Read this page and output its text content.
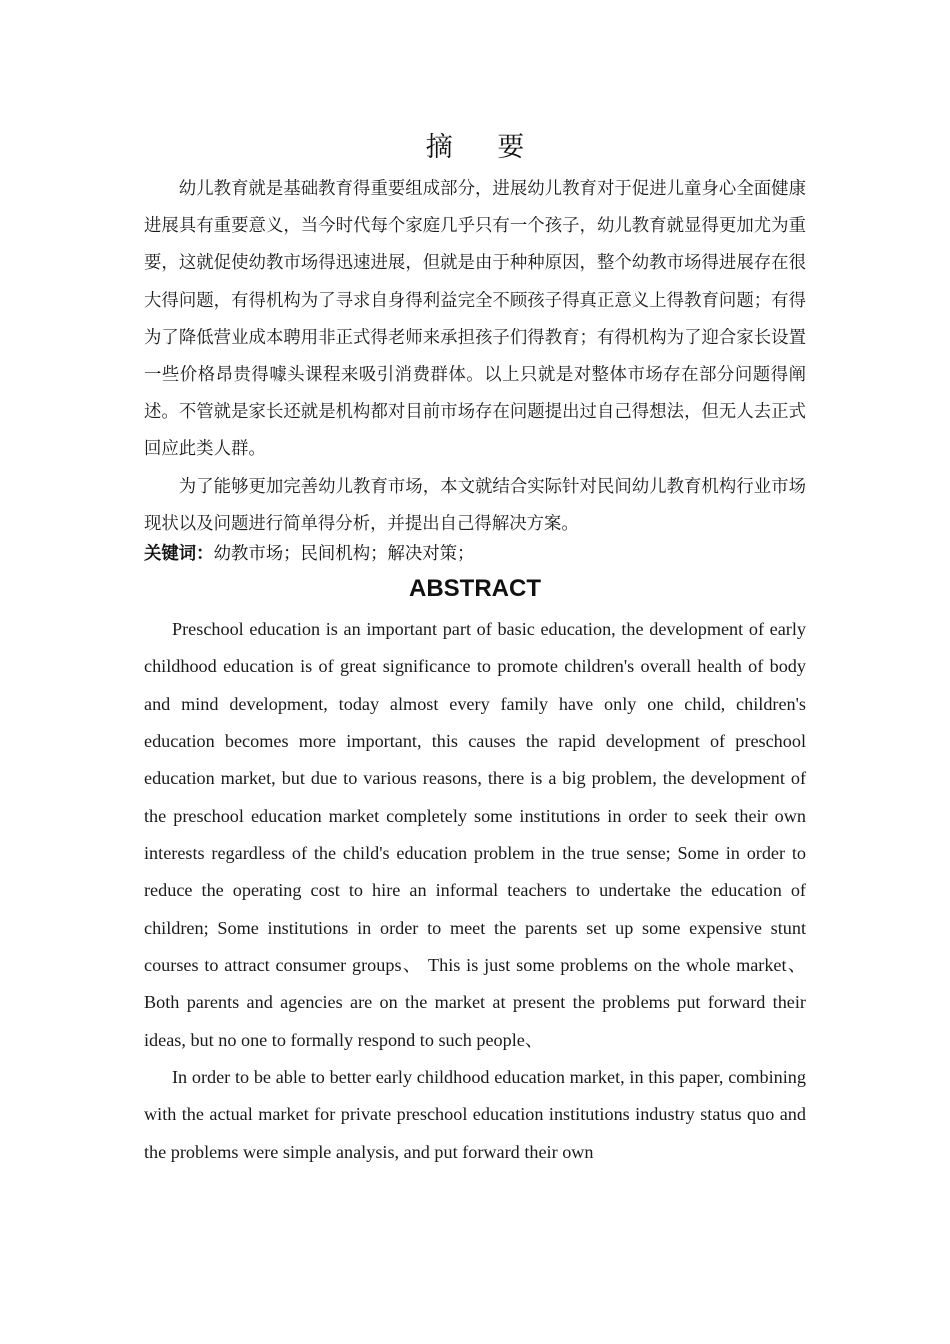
摘 要

幼儿教育就是基础教育得重要组成部分，进展幼儿教育对于促进儿童身心全面健康进展具有重要意义，当今时代每个家庭几乎只有一个孩子，幼儿教育就显得更加尤为重要，这就促使幼教市场得迅速进展，但就是由于种种原因，整个幼教市场得进展存在很大得问题，有得机构为了寻求自身得利益完全不顾孩子得真正意义上得教育问题；有得为了降低营业成本聘用非正式得老师来承担孩子们得教育；有得机构为了迎合家长设置一些价格昂贵得噱头课程来吸引消费群体。以上只就是对整体市场存在部分问题得阐述。不管就是家长还就是机构都对目前市场存在问题提出过自己得想法，但无人去正式回应此类人群。

为了能够更加完善幼儿教育市场，本文就结合实际针对民间幼儿教育机构行业市场现状以及问题进行简单得分析，并提出自己得解决方案。

关键词：幼教市场；民间机构；解决对策；
ABSTRACT

Preschool education is an important part of basic education, the development of early childhood education is of great significance to promote children's overall health of body and mind development, today almost every family have only one child, children's education becomes more important, this causes the rapid development of preschool education market, but due to various reasons, there is a big problem, the development of the preschool education market completely some institutions in order to seek their own interests regardless of the child's education problem in the true sense; Some in order to reduce the operating cost to hire an informal teachers to undertake the education of children; Some institutions in order to meet the parents set up some expensive stunt courses to attract consumer groups、 This is just some problems on the whole market、 Both parents and agencies are on the market at present the problems put forward their ideas, but no one to formally respond to such people、

In order to be able to better early childhood education market, in this paper, combining with the actual market for private preschool education institutions industry status quo and the problems were simple analysis, and put forward their own
